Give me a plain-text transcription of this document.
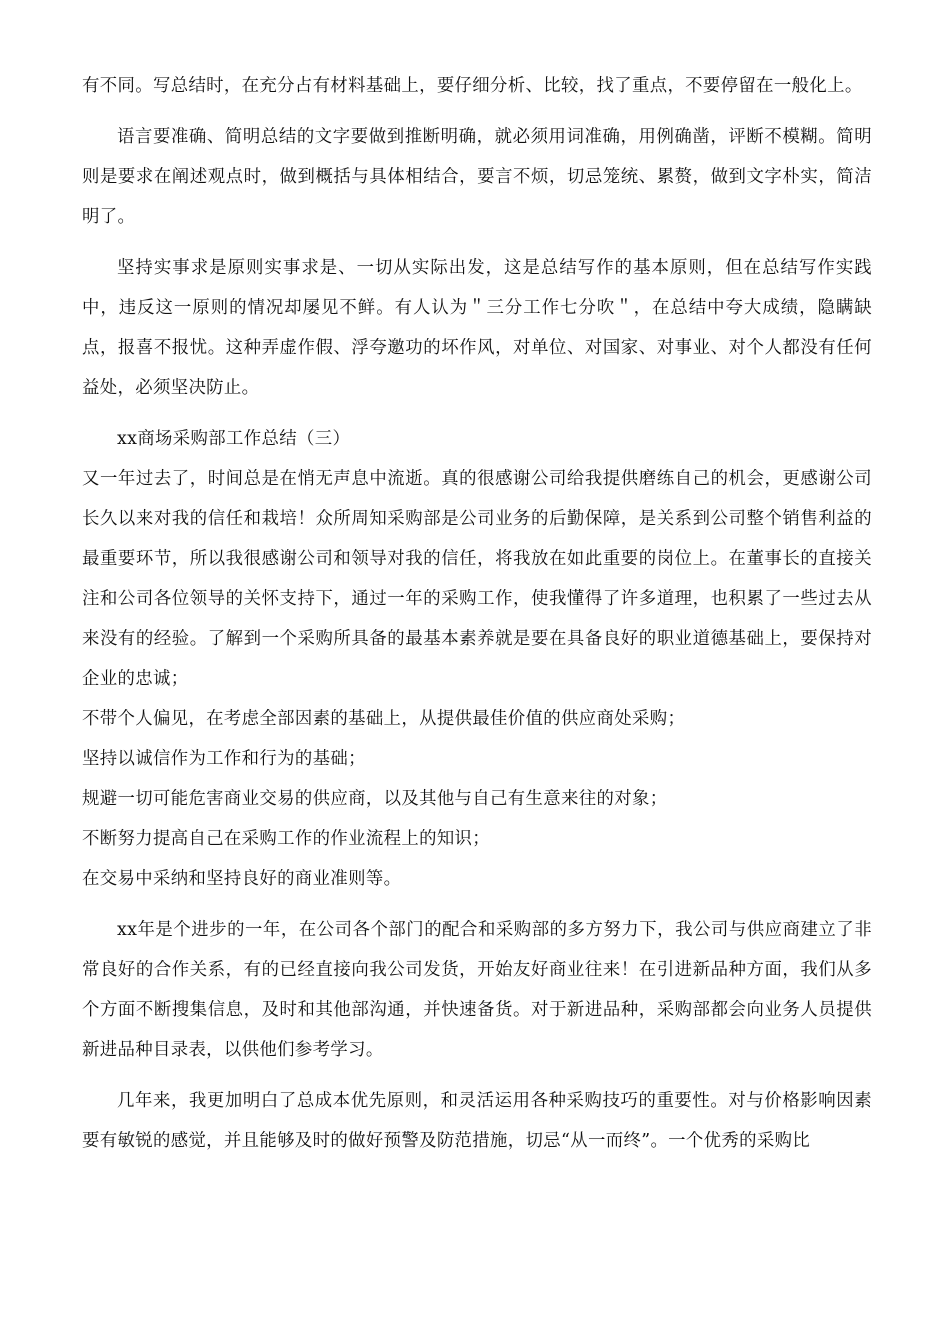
有不同。写总结时，在充分占有材料基础上，要仔细分析、比较，找了重点，不要停留在一般化上。

语言要准确、简明总结的文字要做到推断明确，就必须用词准确，用例确凿，评断不模糊。简明则是要求在阐述观点时，做到概括与具体相结合，要言不烦，切忌笼统、累赘，做到文字朴实，简洁明了。

坚持实事求是原则实事求是、一切从实际出发，这是总结写作的基本原则，但在总结写作实践中，违反这一原则的情况却屡见不鲜。有人认为＂三分工作七分吹＂，在总结中夸大成绩，隐瞒缺点，报喜不报忧。这种弄虚作假、浮夸邀功的坏作风，对单位、对国家、对事业、对个人都没有任何益处，必须坚决防止。

xx商场采购部工作总结（三）

又一年过去了，时间总是在悄无声息中流逝。真的很感谢公司给我提供磨练自己的机会，更感谢公司长久以来对我的信任和栽培！众所周知采购部是公司业务的后勤保障，是关系到公司整个销售利益的最重要环节，所以我很感谢公司和领导对我的信任，将我放在如此重要的岗位上。在董事长的直接关注和公司各位领导的关怀支持下，通过一年的采购工作，使我懂得了许多道理，也积累了一些过去从来没有的经验。了解到一个采购所具备的最基本素养就是要在具备良好的职业道德基础上，要保持对企业的忠诚；

不带个人偏见，在考虑全部因素的基础上，从提供最佳价值的供应商处采购；

坚持以诚信作为工作和行为的基础；

规避一切可能危害商业交易的供应商，以及其他与自己有生意来往的对象；

不断努力提高自己在采购工作的作业流程上的知识；

在交易中采纳和坚持良好的商业准则等。

xx年是个进步的一年，在公司各个部门的配合和采购部的多方努力下，我公司与供应商建立了非常良好的合作关系，有的已经直接向我公司发货，开始友好商业往来！在引进新品种方面，我们从多个方面不断搜集信息，及时和其他部沟通，并快速备货。对于新进品种，采购部都会向业务人员提供新进品种目录表，以供他们参考学习。

几年来，我更加明白了总成本优先原则，和灵活运用各种采购技巧的重要性。对与价格影响因素要有敏锐的感觉，并且能够及时的做好预警及防范措施，切忌“从一而终”。一个优秀的采购比
